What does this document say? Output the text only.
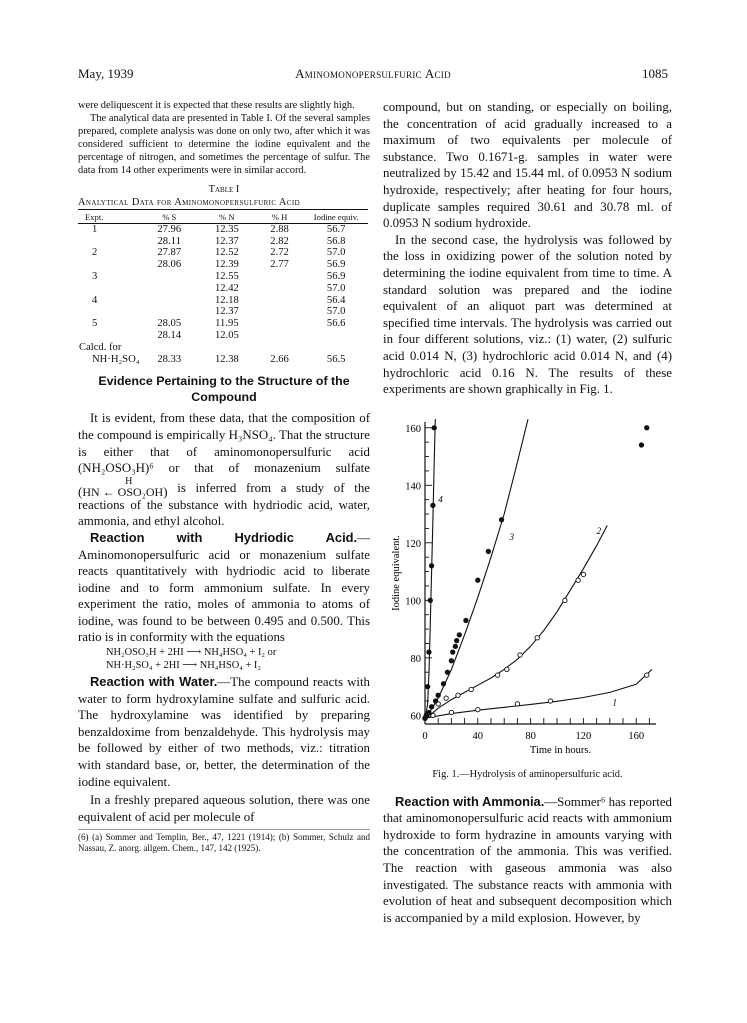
May, 1939	Aminomonopersulfuric Acid	1085

were deliquescent it is expected that these results are slightly high.

The analytical data are presented in Table I. Of the several samples prepared, complete analysis was done on only two, after which it was considered sufficient to determine the iodine equivalent and the percentage of nitrogen, and sometimes the percentage of sulfur. The data from 14 other experiments were in similar accord.

Table I
Analytical Data for Aminomonopersulfuric Acid
Expt.	% S	% N	% H	Iodine equiv.
1	27.96	12.35	2.88	56.7
	28.11	12.37	2.82	56.8
2	27.87	12.52	2.72	57.0
	28.06	12.39	2.77	56.9
3		12.55		56.9
		12.42		57.0
4		12.18		56.4
		12.37		57.0
5	28.05	11.95		56.6
	28.14	12.05		
Calcd. for				
NH·H₂SO₄	28.33	12.38	2.66	56.5
Evidence Pertaining to the Structure of the Compound

It is evident, from these data, that the composition of the compound is empirically H₃NSO₄. That the structure is either that of aminomonopersulfuric acid (NH₂OSO₃H)⁶ or that of monazenium sulfate
H
(HN ← OSO₂OH) is inferred from a study of the reactions of the substance with hydriodic acid, water, ammonia, and ethyl alcohol.

Reaction with Hydriodic Acid.—Aminomonopersulfuric acid or monazenium sulfate reacts quantitatively with hydriodic acid to liberate iodine and to form ammonium sulfate. In every experiment the ratio, moles of ammonia to atoms of iodine, was found to be between 0.495 and 0.500. This ratio is in conformity with the equations

NH₂OSO₃H + 2HI ⟶ NH₄HSO₄ + I₂ or
NH·H₂SO₄ + 2HI ⟶ NH₄HSO₄ + I₂

Reaction with Water.—The compound reacts with water to form hydroxylamine sulfate and sulfuric acid. The hydroxylamine was identified by preparing benzaldoxime from benzaldehyde. This hydrolysis may be followed by either of two methods, viz.: titration with standard base, or, better, the determination of the iodine equivalent.

In a freshly prepared aqueous solution, there was one equivalent of acid per molecule of

(6) (a) Sommer and Templin, Ber., 47, 1221 (1914); (b) Sommer, Schulz and Nassau, Z. anorg. allgem. Chem., 147, 142 (1925).

compound, but on standing, or especially on boiling, the concentration of acid gradually increased to a maximum of two equivalents per molecule of substance. Two 0.1671-g. samples in water were neutralized by 15.42 and 15.44 ml. of 0.0953 N sodium hydroxide, respectively; after heating for four hours, duplicate samples required 30.61 and 30.78 ml. of 0.0953 N sodium hydroxide.

In the second case, the hydrolysis was followed by the loss in oxidizing power of the solution noted by determining the iodine equivalent from time to time. A standard solution was prepared and the iodine equivalent of an aliquot part was determined at specified time intervals. The hydrolysis was carried out in four different solutions, viz.: (1) water, (2) sulfuric acid 0.014 N, (3) hydrochloric acid 0.014 N, and (4) hydrochloric acid 0.16 N. The results of these experiments are shown graphically in Fig. 1.

0	40	80	120	160
60
80
100
120
140
160
Time in hours.
Iodine equivalent.
1
2
3
4
Fig. 1.—Hydrolysis of aminopersulfuric acid.

Reaction with Ammonia.—Sommer⁶ has reported that aminomonopersulfuric acid reacts with ammonium hydroxide to form hydrazine in amounts varying with the concentration of the ammonia. This was verified. The reaction with gaseous ammonia was also investigated. The substance reacts with ammonia with evolution of heat and subsequent decomposition which is accompanied by a mild explosion. However, by
